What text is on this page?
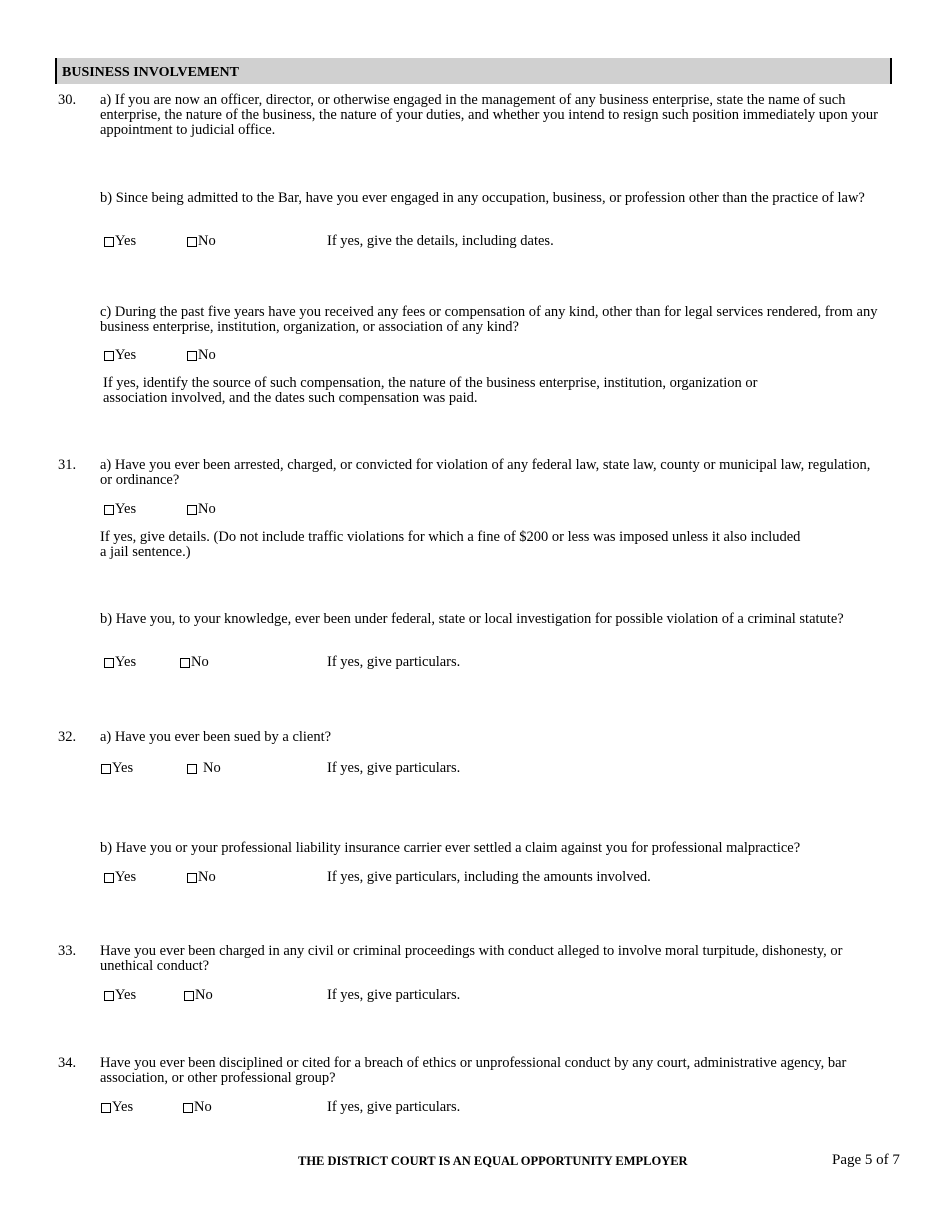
BUSINESS INVOLVEMENT
30. a) If you are now an officer, director, or otherwise engaged in the management of any business enterprise, state the name of such enterprise, the nature of the business, the nature of your duties, and whether you intend to resign such position immediately upon your appointment to judicial office.
b) Since being admitted to the Bar, have you ever engaged in any occupation, business, or profession other than the practice of law?
Yes	No	If yes, give the details, including dates.
c) During the past five years have you received any fees or compensation of any kind, other than for legal services rendered, from any business enterprise, institution, organization, or association of any kind?
Yes	No
If yes, identify the source of such compensation, the nature of the business enterprise, institution, organization or association involved, and the dates such compensation was paid.
31. a) Have you ever been arrested, charged, or convicted for violation of any federal law, state law, county or municipal law, regulation, or ordinance?
Yes	No
If yes, give details. (Do not include traffic violations for which a fine of $200 or less was imposed unless it also included a jail sentence.)
b) Have you, to your knowledge, ever been under federal, state or local investigation for possible violation of a criminal statute?
Yes	No	If yes, give particulars.
32. a) Have you ever been sued by a client?
Yes	No	If yes, give particulars.
b) Have you or your professional liability insurance carrier ever settled a claim against you for professional malpractice?
Yes	No	If yes, give particulars, including the amounts involved.
33. Have you ever been charged in any civil or criminal proceedings with conduct alleged to involve moral turpitude, dishonesty, or unethical conduct?
Yes	No	If yes, give particulars.
34. Have you ever been disciplined or cited for a breach of ethics or unprofessional conduct by any court, administrative agency, bar association, or other professional group?
Yes	No	If yes, give particulars.
THE DISTRICT COURT IS AN EQUAL OPPORTUNITY EMPLOYER	Page 5 of 7
